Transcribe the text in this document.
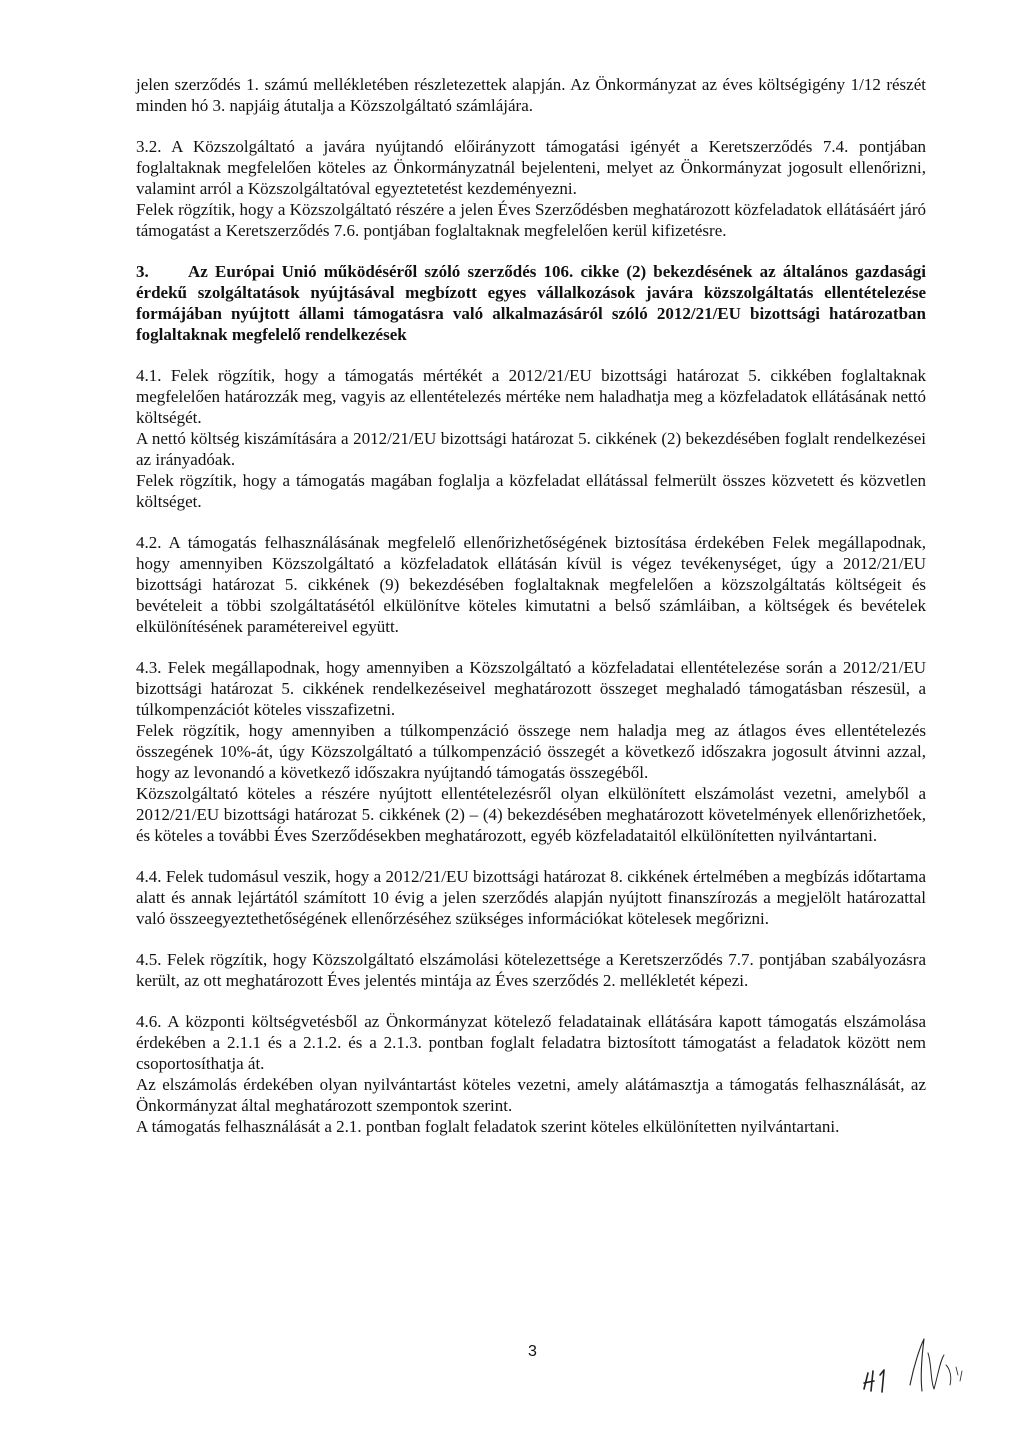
jelen szerződés 1. számú mellékletében részletezettek alapján. Az Önkormányzat az éves költségigény 1/12 részét minden hó 3. napjáig átutalja a Közszolgáltató számlájára.

3.2. A Közszolgáltató a javára nyújtandó előirányzott támogatási igényét a Keretszerződés 7.4. pontjában foglaltaknak megfelelően köteles az Önkormányzatnál bejelenteni, melyet az Önkormányzat jogosult ellenőrizni, valamint arról a Közszolgáltatóval egyeztetetést kezdeményezni.

Felek rögzítik, hogy a Közszolgáltató részére a jelen Éves Szerződésben meghatározott közfeladatok ellátásáért járó támogatást a Keretszerződés 7.6. pontjában foglaltaknak megfelelően kerül kifizetésre.

3. Az Európai Unió működéséről szóló szerződés 106. cikke (2) bekezdésének az általános gazdasági érdekű szolgáltatások nyújtásával megbízott egyes vállalkozások javára közszolgáltatás ellentételezése formájában nyújtott állami támogatásra való alkalmazásáról szóló 2012/21/EU bizottsági határozatban foglaltaknak megfelelő rendelkezések

4.1. Felek rögzítik, hogy a támogatás mértékét a 2012/21/EU bizottsági határozat 5. cikkében foglaltaknak megfelelően határozzák meg, vagyis az ellentételezés mértéke nem haladhatja meg a közfeladatok ellátásának nettó költségét.

A nettó költség kiszámítására a 2012/21/EU bizottsági határozat 5. cikkének (2) bekezdésében foglalt rendelkezései az irányadóak.

Felek rögzítik, hogy a támogatás magában foglalja a közfeladat ellátással felmerült összes közvetett és közvetlen költséget.

4.2. A támogatás felhasználásának megfelelő ellenőrizhetőségének biztosítása érdekében Felek megállapodnak, hogy amennyiben Közszolgáltató a közfeladatok ellátásán kívül is végez tevékenységet, úgy a 2012/21/EU bizottsági határozat 5. cikkének (9) bekezdésében foglaltaknak megfelelően a közszolgáltatás költségeit és bevételeit a többi szolgáltatásétól elkülönítve köteles kimutatni a belső számláiban, a költségek és bevételek elkülönítésének paramétereivel együtt.

4.3. Felek megállapodnak, hogy amennyiben a Közszolgáltató a közfeladatai ellentételezése során a 2012/21/EU bizottsági határozat 5. cikkének rendelkezéseivel meghatározott összeget meghaladó támogatásban részesül, a túlkompenzációt köteles visszafizetni.

Felek rögzítik, hogy amennyiben a túlkompenzáció összege nem haladja meg az átlagos éves ellentételezés összegének 10%-át, úgy Közszolgáltató a túlkompenzáció összegét a következő időszakra jogosult átvinni azzal, hogy az levonandó a következő időszakra nyújtandó támogatás összegéből.

Közszolgáltató köteles a részére nyújtott ellentételezésről olyan elkülönített elszámolást vezetni, amelyből a 2012/21/EU bizottsági határozat 5. cikkének (2) – (4) bekezdésében meghatározott követelmények ellenőrizhetőek, és köteles a további Éves Szerződésekben meghatározott, egyéb közfeladataitól elkülönítetten nyilvántartani.

4.4. Felek tudomásul veszik, hogy a 2012/21/EU bizottsági határozat 8. cikkének értelmében a megbízás időtartama alatt és annak lejártától számított 10 évig a jelen szerződés alapján nyújtott finanszírozás a megjelölt határozattal való összeegyeztethetőségének ellenőrzéséhez szükséges információkat kötelesek megőrizni.

4.5. Felek rögzítik, hogy Közszolgáltató elszámolási kötelezettsége a Keretszerződés 7.7. pontjában szabályozásra került, az ott meghatározott Éves jelentés mintája az Éves szerződés 2. mellékletét képezi.

4.6. A központi költségvetésből az Önkormányzat kötelező feladatainak ellátására kapott támogatás elszámolása érdekében a 2.1.1 és a 2.1.2. és a 2.1.3. pontban foglalt feladatra biztosított támogatást a feladatok között nem csoportosíthatja át.

Az elszámolás érdekében olyan nyilvántartást köteles vezetni, amely alátámasztja a támogatás felhasználását, az Önkormányzat által meghatározott szempontok szerint.

A támogatás felhasználását a 2.1. pontban foglalt feladatok szerint köteles elkülönítetten nyilvántartani.

3
